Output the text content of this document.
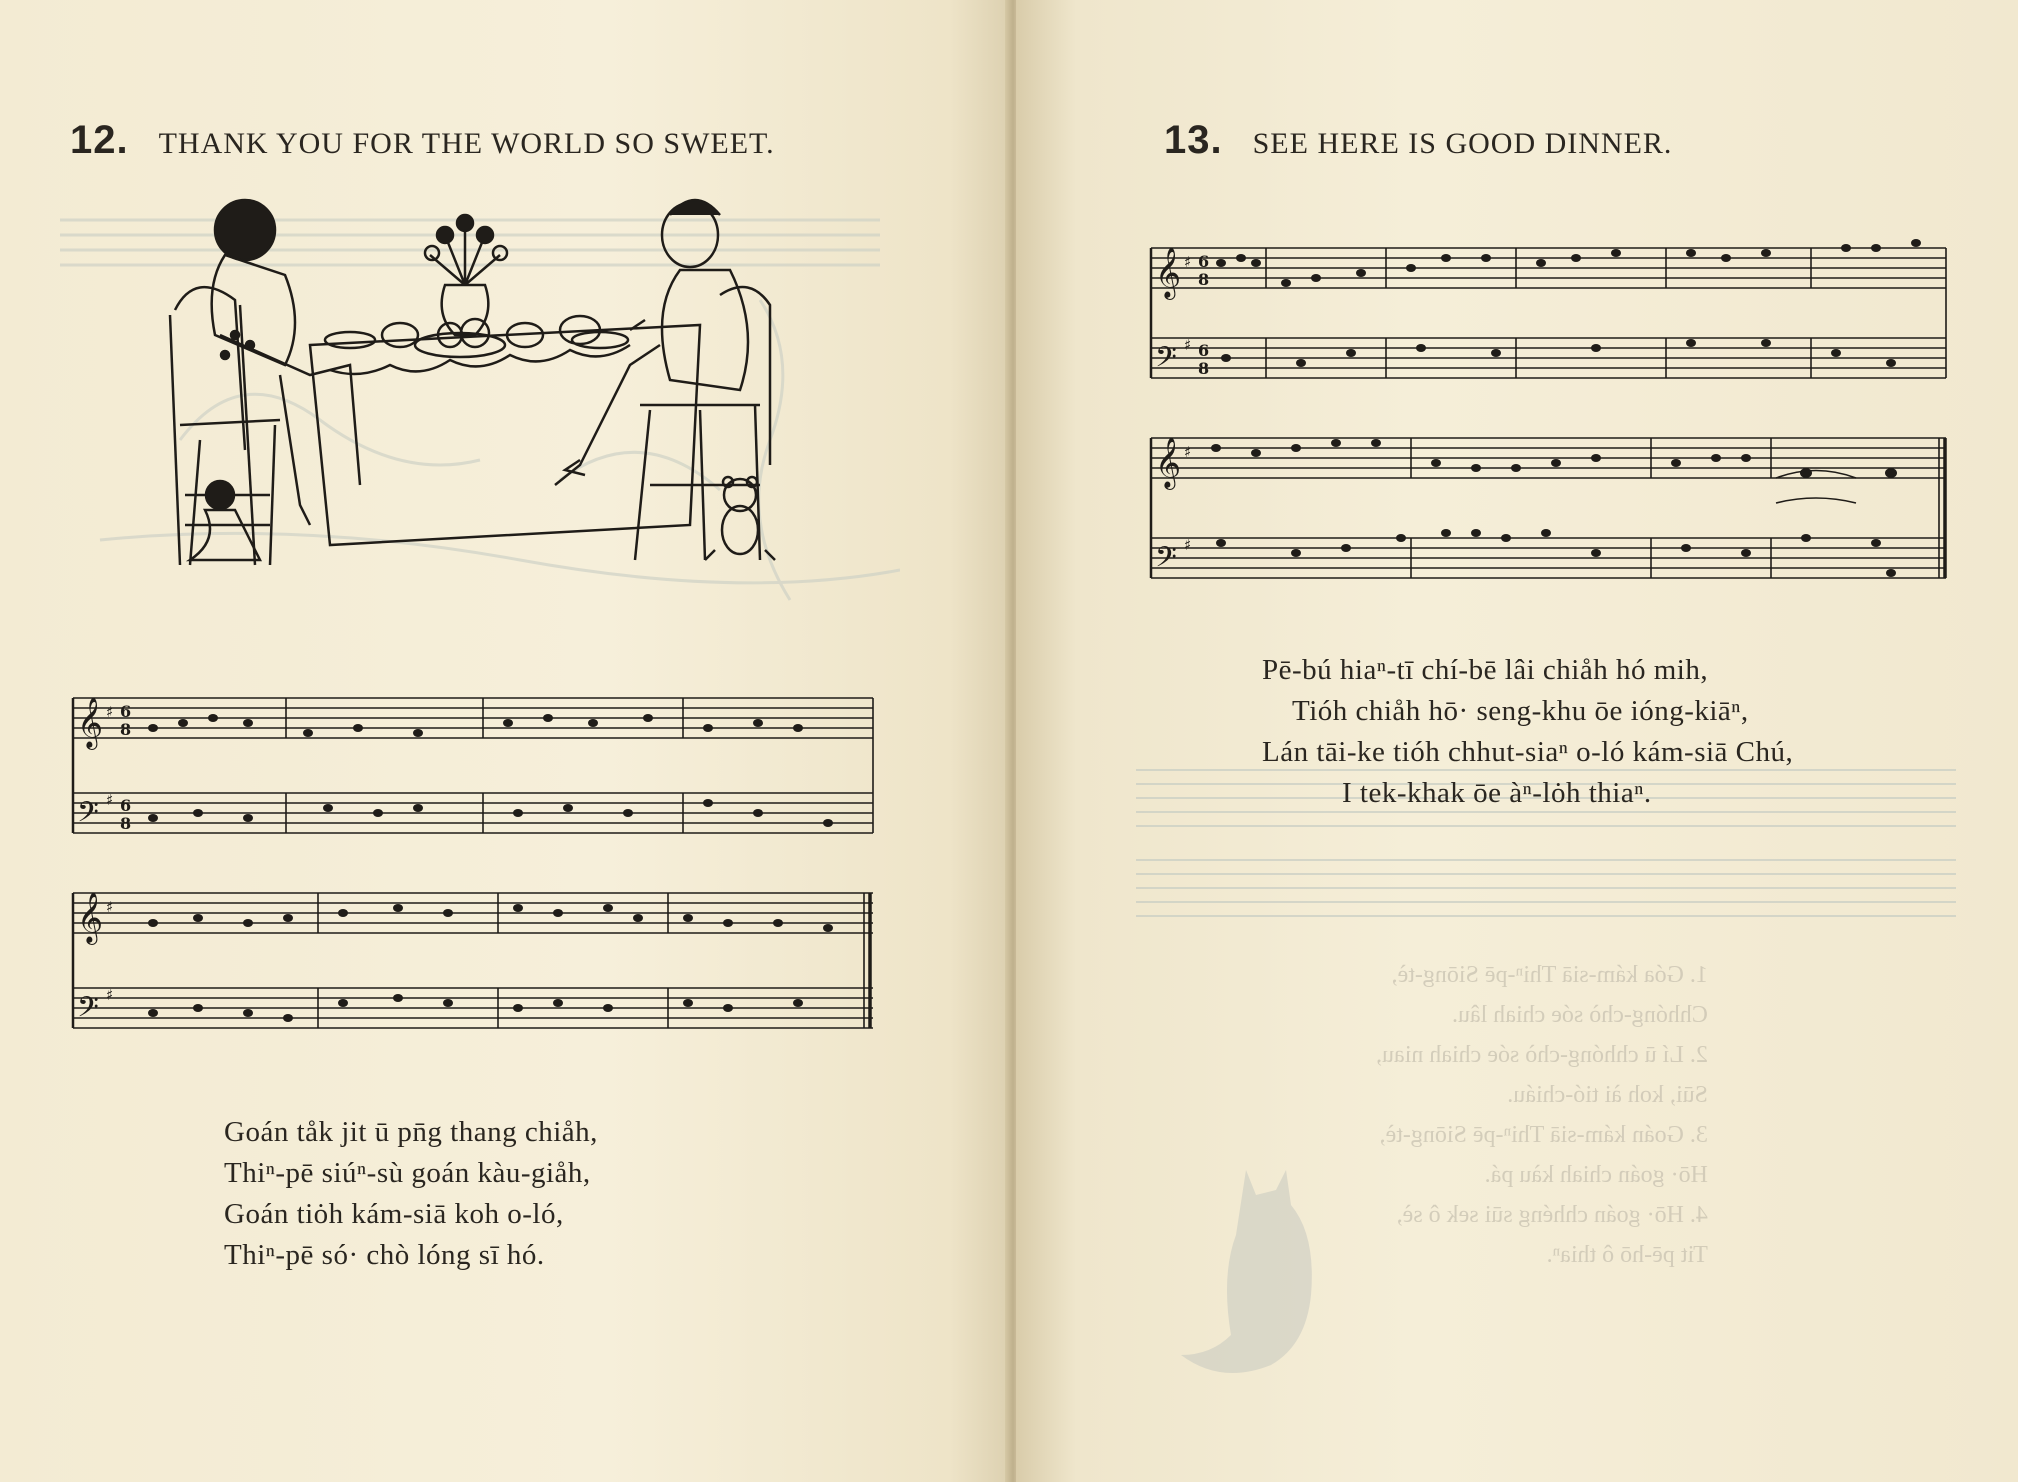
12. THANK YOU FOR THE WORLD SO SWEET.
𝄞
𝄢
𝄞
𝄢
♯
♯
♯
♯
6
8
6
8
Goán tåk jit ū pn̄g thang chiåh,
Thiⁿ-pē siúⁿ-sù goán kàu-giåh,
Goán tiȯh kám-siā koh o-ló,
Thiⁿ-pē só· chò lóng sī hó.
13. SEE HERE IS GOOD DINNER.
𝄞
𝄢
𝄞
𝄢
♯
♯
♯
♯
6
8
6
8
Pē-bú hiaⁿ-tī chí-bē lâi chiåh hó mih,
Tióh chiåh hō· seng-khu ōe ióng-kiāⁿ,
Lán tāi-ke tióh chhut-siaⁿ o-ló kám-siā Chú,
I tek-khak ōe àⁿ-lȯh thiaⁿ.
1. Góa kám-siā Thiⁿ-pē Siōng-tè,
Chhóng-chò sóe chiah lâu.
2. Lí ū chhóng-chò sóe chiah niau,
Sūi, koh ài tió-chiáu.
3. Goán kám-siā Thiⁿ-pē Siōng-tè,
Hō· goán chiah kàu pá.
4. Hō· goán chhéng sūi sek ô sè,
Tit pē-hō ô thiaⁿ.
